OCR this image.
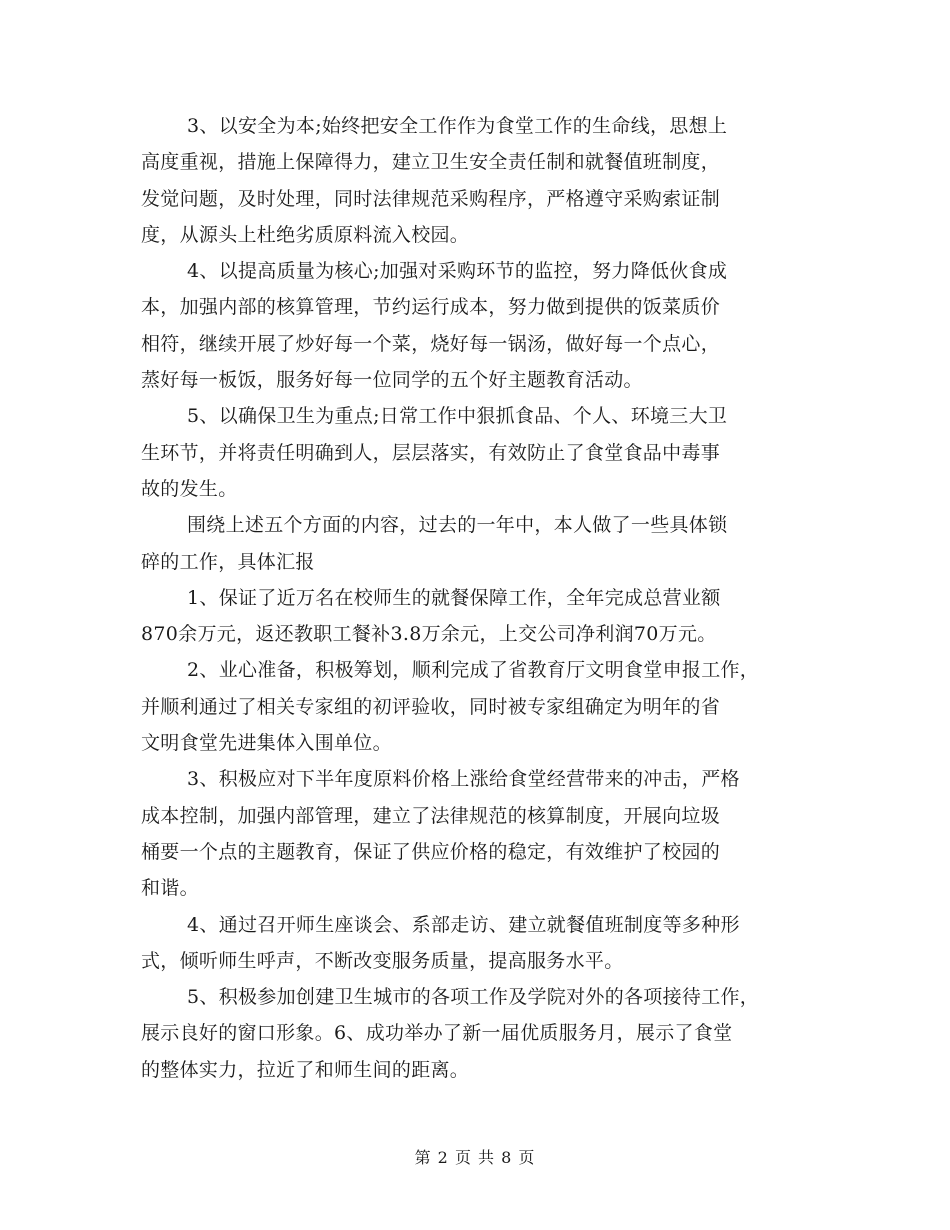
3、以安全为本;始终把安全工作作为食堂工作的生命线，思想上
高度重视，措施上保障得力，建立卫生安全责任制和就餐值班制度，
发觉问题，及时处理，同时法律规范采购程序，严格遵守采购索证制
度，从源头上杜绝劣质原料流入校园。
4、以提高质量为核心;加强对采购环节的监控，努力降低伙食成
本，加强内部的核算管理，节约运行成本，努力做到提供的饭菜质价
相符，继续开展了炒好每一个菜，烧好每一锅汤，做好每一个点心，
蒸好每一板饭，服务好每一位同学的五个好主题教育活动。
5、以确保卫生为重点;日常工作中狠抓食品、个人、环境三大卫
生环节，并将责任明确到人，层层落实，有效防止了食堂食品中毒事
故的发生。
围绕上述五个方面的内容，过去的一年中，本人做了一些具体锁
碎的工作，具体汇报
1、保证了近万名在校师生的就餐保障工作，全年完成总营业额
870余万元，返还教职工餐补3.8万余元，上交公司净利润70万元。
2、业心准备，积极筹划，顺利完成了省教育厅文明食堂申报工作，
并顺利通过了相关专家组的初评验收，同时被专家组确定为明年的省
文明食堂先进集体入围单位。
3、积极应对下半年度原料价格上涨给食堂经营带来的冲击，严格
成本控制，加强内部管理，建立了法律规范的核算制度，开展向垃圾
桶要一个点的主题教育，保证了供应价格的稳定，有效维护了校园的
和谐。
4、通过召开师生座谈会、系部走访、建立就餐值班制度等多种形
式，倾听师生呼声，不断改变服务质量，提高服务水平。
5、积极参加创建卫生城市的各项工作及学院对外的各项接待工作，
展示良好的窗口形象。6、成功举办了新一届优质服务月，展示了食堂
的整体实力，拉近了和师生间的距离。
第 2 页 共 8 页
